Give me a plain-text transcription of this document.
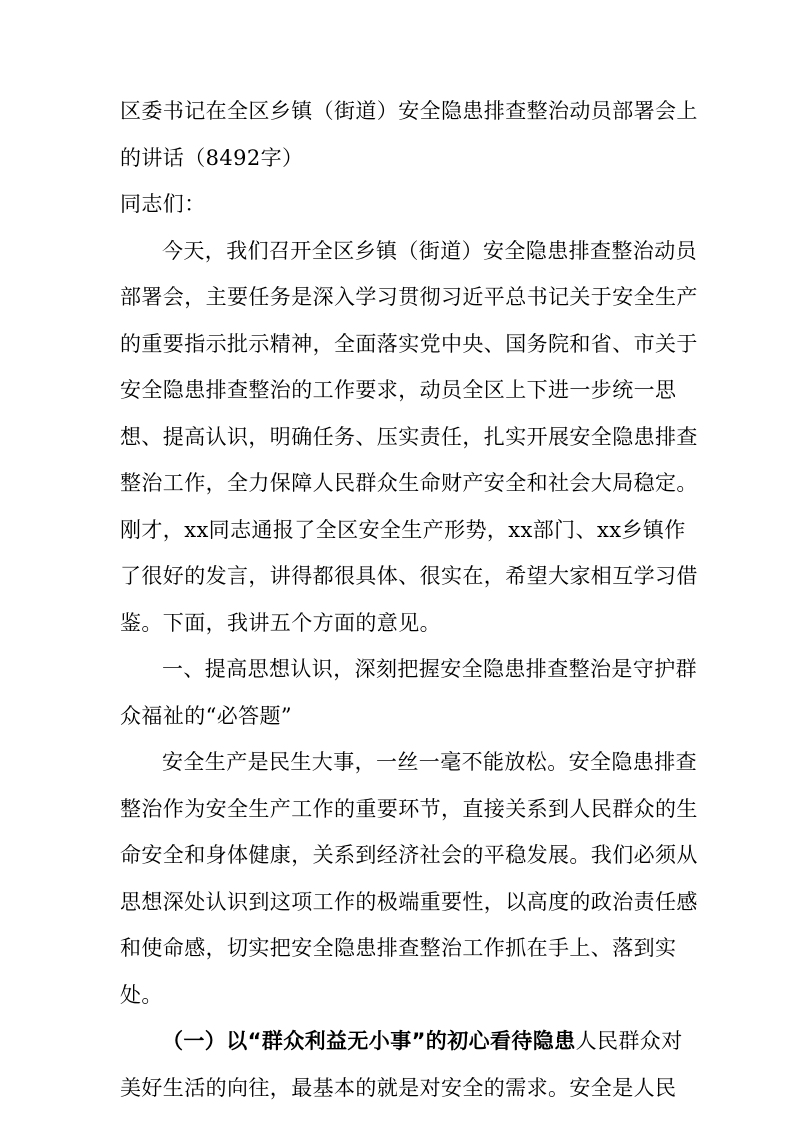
区委书记在全区乡镇（街道）安全隐患排查整治动员部署会上的讲话（8492字）

同志们：

今天，我们召开全区乡镇（街道）安全隐患排查整治动员部署会，主要任务是深入学习贯彻习近平总书记关于安全生产的重要指示批示精神，全面落实党中央、国务院和省、市关于安全隐患排查整治的工作要求，动员全区上下进一步统一思想、提高认识，明确任务、压实责任，扎实开展安全隐患排查整治工作，全力保障人民群众生命财产安全和社会大局稳定。刚才，xx同志通报了全区安全生产形势，xx部门、xx乡镇作了很好的发言，讲得都很具体、很实在，希望大家相互学习借鉴。下面，我讲五个方面的意见。

一、提高思想认识，深刻把握安全隐患排查整治是守护群众福祉的“必答题”

安全生产是民生大事，一丝一毫不能放松。安全隐患排查整治作为安全生产工作的重要环节，直接关系到人民群众的生命安全和身体健康，关系到经济社会的平稳发展。我们必须从思想深处认识到这项工作的极端重要性，以高度的政治责任感和使命感，切实把安全隐患排查整治工作抓在手上、落到实处。

（一）以“群众利益无小事”的初心看待隐患人民群众对美好生活的向往，最基本的就是对安全的需求。安全是人民
